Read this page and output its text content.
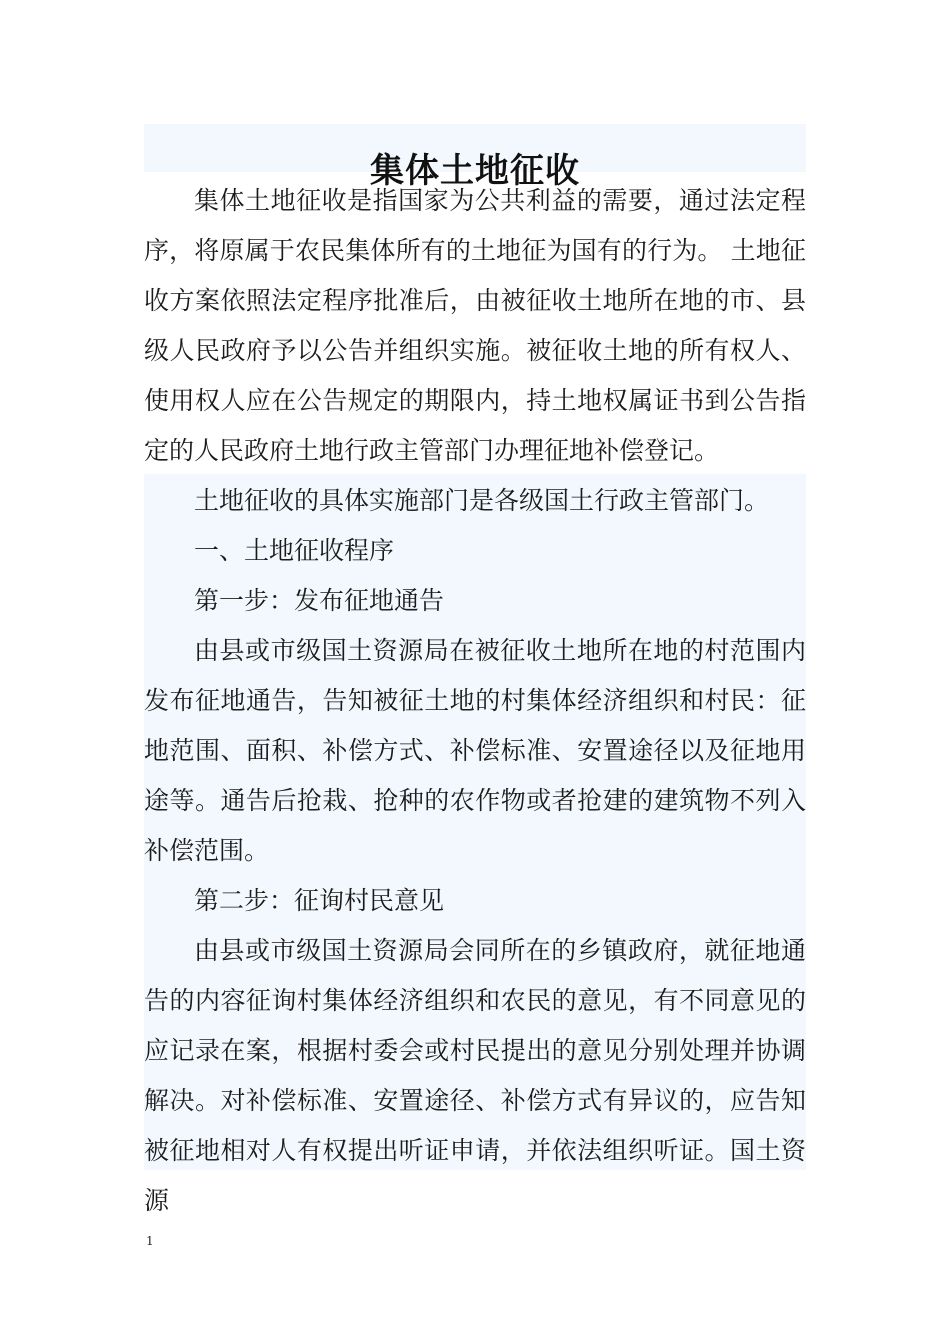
集体土地征收

集体土地征收是指国家为公共利益的需要，通过法定程序，将原属于农民集体所有的土地征为国有的行为。 土地征收方案依照法定程序批准后，由被征收土地所在地的市、县级人民政府予以公告并组织实施。被征收土地的所有权人、使用权人应在公告规定的期限内，持土地权属证书到公告指定的人民政府土地行政主管部门办理征地补偿登记。

土地征收的具体实施部门是各级国土行政主管部门。

一、土地征收程序

第一步：发布征地通告

由县或市级国土资源局在被征收土地所在地的村范围内发布征地通告，告知被征土地的村集体经济组织和村民：征地范围、面积、补偿方式、补偿标准、安置途径以及征地用途等。通告后抢栽、抢种的农作物或者抢建的建筑物不列入补偿范围。

第二步：征询村民意见

由县或市级国土资源局会同所在的乡镇政府，就征地通告的内容征询村集体经济组织和农民的意见，有不同意见的应记录在案，根据村委会或村民提出的意见分别处理并协调解决。对补偿标准、安置途径、补偿方式有异议的，应告知被征地相对人有权提出听证申请，并依法组织听证。国土资源

1
